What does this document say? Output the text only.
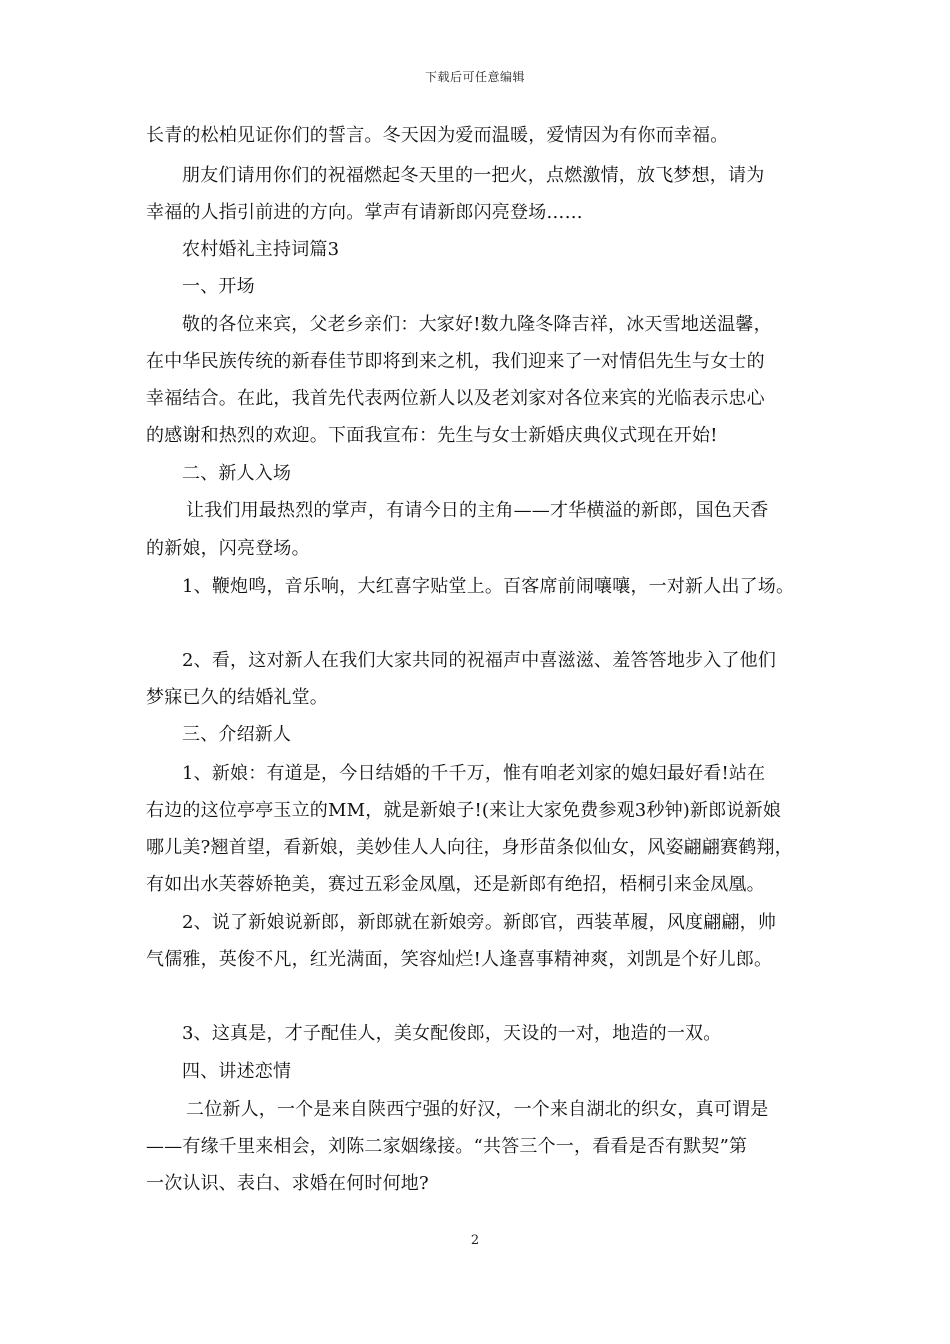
下载后可任意编辑
长青的松柏见证你们的誓言。冬天因为爱而温暖，爱情因为有你而幸福。
朋友们请用你们的祝福燃起冬天里的一把火，点燃激情，放飞梦想，请为
幸福的人指引前进的方向。掌声有请新郎闪亮登场……
农村婚礼主持词篇3
一、开场
敬的各位来宾，父老乡亲们：大家好!数九隆冬降吉祥，冰天雪地送温馨，
在中华民族传统的新春佳节即将到来之机，我们迎来了一对情侣先生与女士的
幸福结合。在此，我首先代表两位新人以及老刘家对各位来宾的光临表示忠心
的感谢和热烈的欢迎。下面我宣布：先生与女士新婚庆典仪式现在开始!
二、新人入场
让我们用最热烈的掌声，有请今日的主角——才华横溢的新郎，国色天香
的新娘，闪亮登场。
1、鞭炮鸣，音乐响，大红喜字贴堂上。百客席前闹嚷嚷，一对新人出了场。
2、看，这对新人在我们大家共同的祝福声中喜滋滋、羞答答地步入了他们
梦寐已久的结婚礼堂。
三、介绍新人
1、新娘：有道是，今日结婚的千千万，惟有咱老刘家的媳妇最好看!站在
右边的这位亭亭玉立的MM，就是新娘子!(来让大家免费参观3秒钟)新郎说新娘
哪儿美?翘首望，看新娘，美妙佳人人向往，身形苗条似仙女，风姿翩翩赛鹤翔，
有如出水芙蓉娇艳美，赛过五彩金凤凰，还是新郎有绝招，梧桐引来金凤凰。
2、说了新娘说新郎，新郎就在新娘旁。新郎官，西装革履，风度翩翩，帅
气儒雅，英俊不凡，红光满面，笑容灿烂!人逢喜事精神爽，刘凯是个好儿郎。
3、这真是，才子配佳人，美女配俊郎，天设的一对，地造的一双。
四、讲述恋情
二位新人，一个是来自陕西宁强的好汉，一个来自湖北的织女，真可谓是
——有缘千里来相会，刘陈二家姻缘接。“共答三个一，看看是否有默契”第
一次认识、表白、求婚在何时何地?
2
